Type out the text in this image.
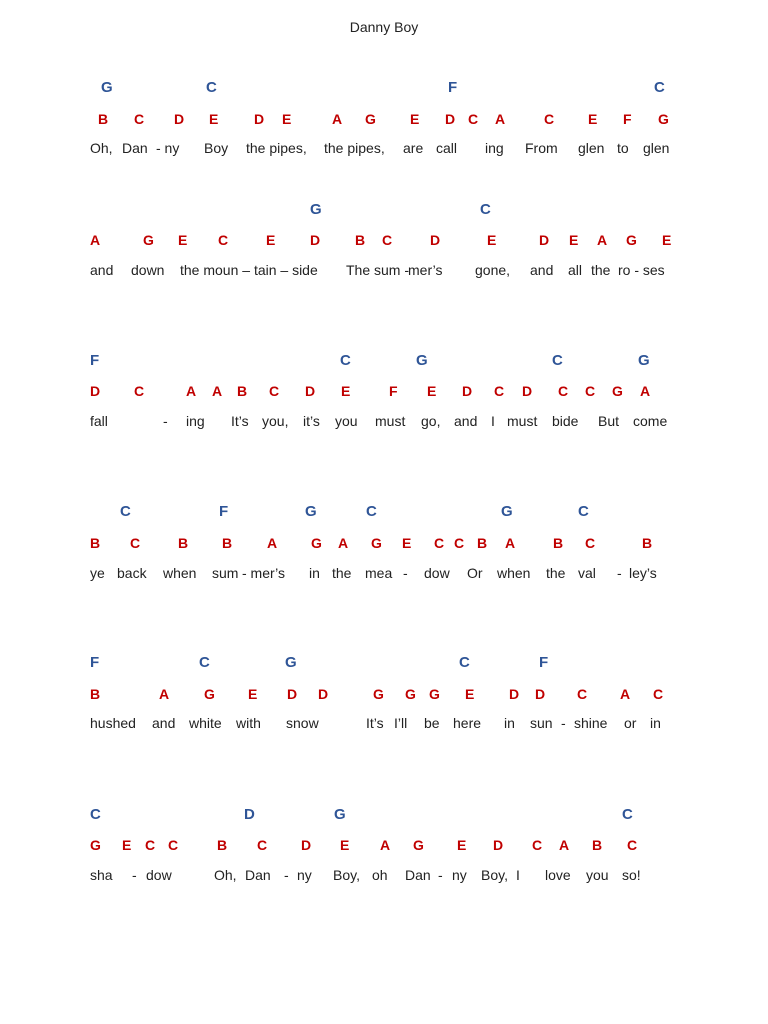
Danny Boy
G	C	F	C
B C D E	D E	A G E D C A	C E F G
Oh, Dan - ny Boy the pipes, the pipes, are call ing From glen to glen
G	C
A	G E C	E D B C	D	E	D E A G E
and down the moun – tain – side The sum -
mer’s gone, and all the ro - ses
F	C	G	C	G
D C	A A B C D E	F E D C D C C G A
fall	- ing It’s you, it’s you must go, and I must bide But come
C	F	G	C	G	C
B C	B B A G A G E C C B A	B C	B
ye back when sum - mer’s in the mea - dow Or when the val - ley’s
F	C	G	C	F
B	A G E D D	G G G E D D C A C
hushed and white with snow	It’s I’ll be here in sun - shine or in
C	D	G	C
G E C C	B C D E A G E D C A B C
sha - dow	Oh, Dan - ny Boy, oh Dan - ny Boy, I love you so!
